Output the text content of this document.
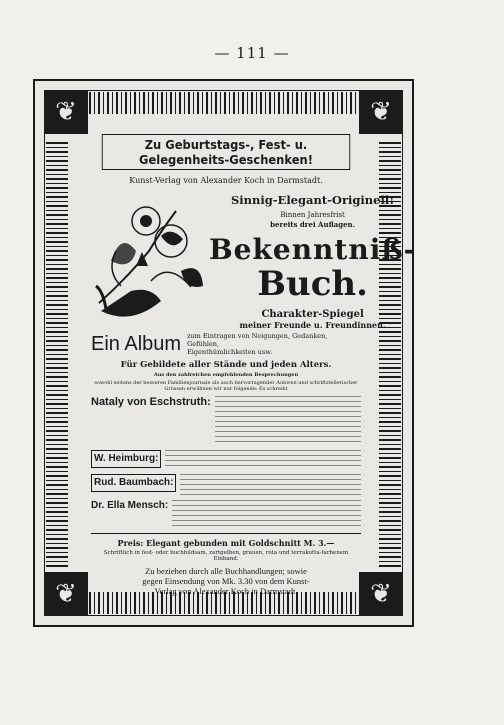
— 111 —
❦	❦
❦	❦
Zu Geburtstags-, Fest- u. Gelegenheits-Geschenken!
Kunst-Verlag von Alexander Koch in Darmstadt.
Sinnig-Elegant-Originell!
Binnen Jahresfrist
bereits drei Auflagen.
Bekenntniß-
Buch.
Charakter-Spiegel
meiner Freunde u. Freundinnen.
Ein Album zum Eintragen von Neigungen, Gedanken, Gefühlen,
Eigenthümlichkeiten usw.
Für Gebildete aller Stände und jeden Alters.
Aus den zahlreichen empfehlenden Besprechungen
sowohl seitens der besseren Familienjournale als auch hervorragender Autoren und schriftstellerischer Grössen erwähnen wir nur folgende: Es schreibt
Nataly von Eschstruth:
W. Heimburg:
Rud. Baumbach:
Dr. Ella Mensch:
Preis: Elegant gebunden mit Goldschnitt M. 3.—
Schriftlich in fest- oder buchbildsam, zartgelben, grauen, rota und terrakotta-farbenem Einband.
Zu beziehen durch alle Buchhandlungen; sowie
gegen Einsendung von Mk. 3.30 von dem Kunst-
Verlag von Alexander Koch in Darmstadt.
